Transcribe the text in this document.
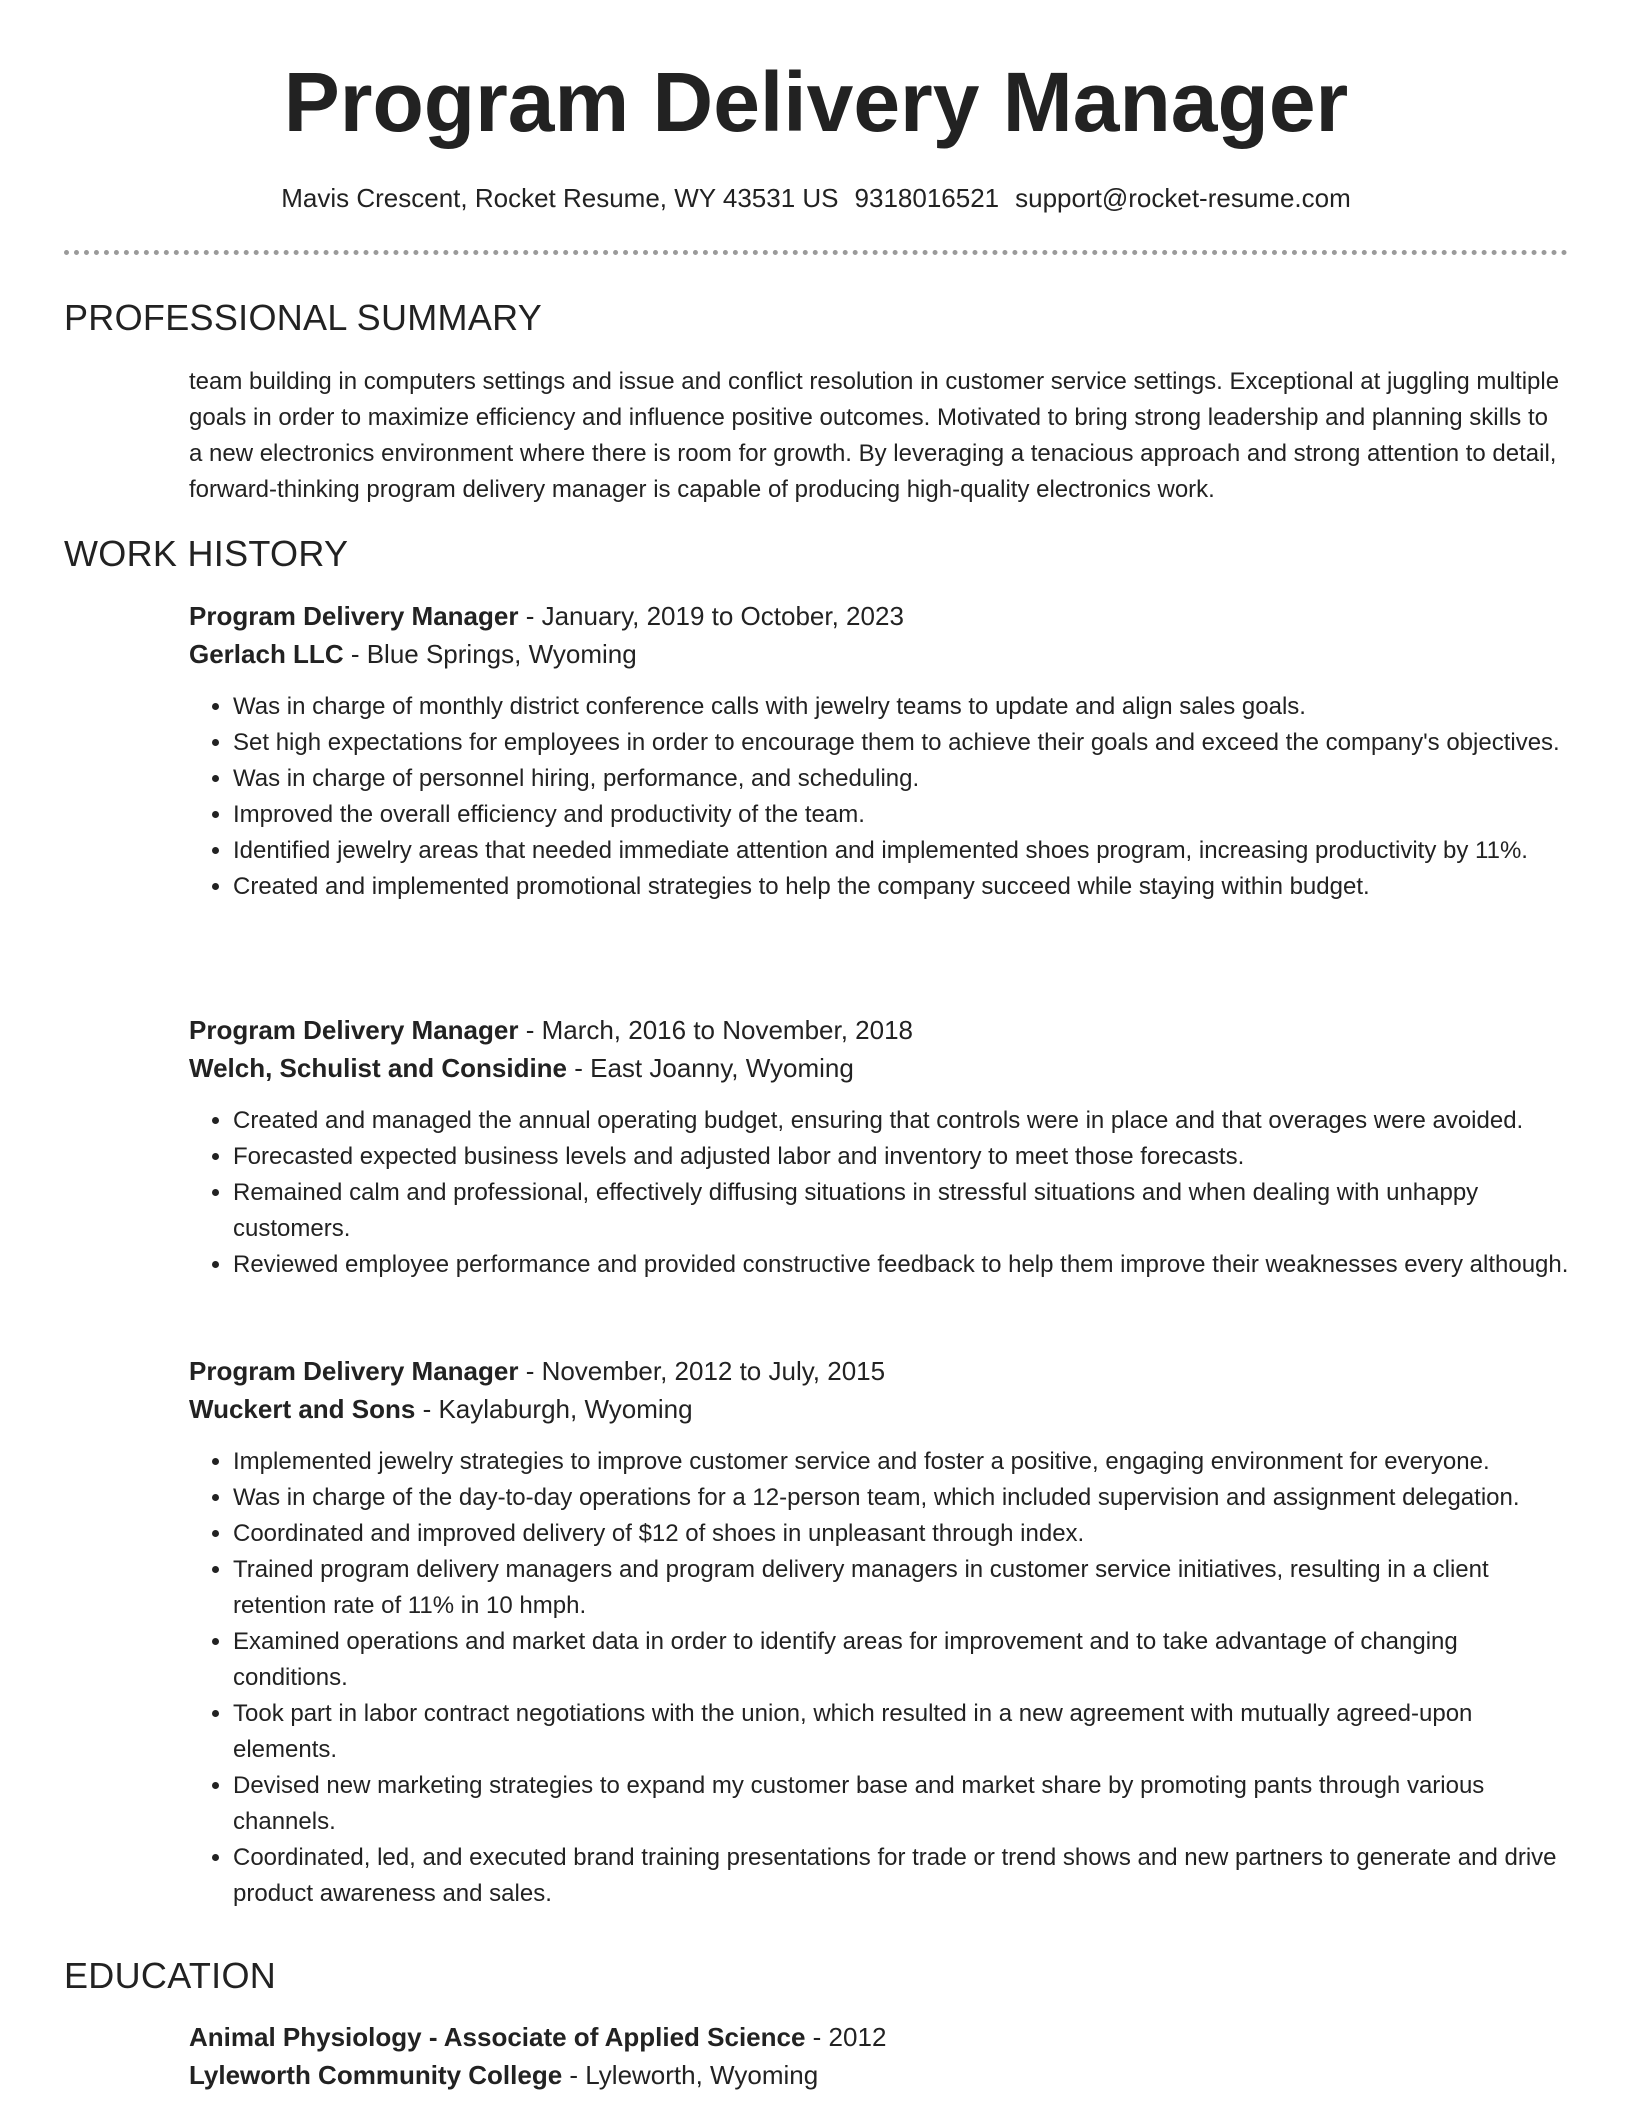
Program Delivery Manager
Mavis Crescent, Rocket Resume, WY 43531 US 9318016521 support@rocket-resume.com
PROFESSIONAL SUMMARY

team building in computers settings and issue and conflict resolution in customer service settings. Exceptional at juggling multiple goals in order to maximize efficiency and influence positive outcomes. Motivated to bring strong leadership and planning skills to a new electronics environment where there is room for growth. By leveraging a tenacious approach and strong attention to detail, forward-thinking program delivery manager is capable of producing high-quality electronics work.

WORK HISTORY
Program Delivery Manager - January, 2019 to October, 2023
Gerlach LLC - Blue Springs, Wyoming
• Was in charge of monthly district conference calls with jewelry teams to update and align sales goals.
• Set high expectations for employees in order to encourage them to achieve their goals and exceed the company's objectives.
• Was in charge of personnel hiring, performance, and scheduling.
• Improved the overall efficiency and productivity of the team.
• Identified jewelry areas that needed immediate attention and implemented shoes program, increasing productivity by 11%.
• Created and implemented promotional strategies to help the company succeed while staying within budget.
Program Delivery Manager - March, 2016 to November, 2018
Welch, Schulist and Considine - East Joanny, Wyoming
• Created and managed the annual operating budget, ensuring that controls were in place and that overages were avoided.
• Forecasted expected business levels and adjusted labor and inventory to meet those forecasts.
• Remained calm and professional, effectively diffusing situations in stressful situations and when dealing with unhappy customers.
• Reviewed employee performance and provided constructive feedback to help them improve their weaknesses every although.
Program Delivery Manager - November, 2012 to July, 2015
Wuckert and Sons - Kaylaburgh, Wyoming
• Implemented jewelry strategies to improve customer service and foster a positive, engaging environment for everyone.
• Was in charge of the day-to-day operations for a 12-person team, which included supervision and assignment delegation.
• Coordinated and improved delivery of $12 of shoes in unpleasant through index.
• Trained program delivery managers and program delivery managers in customer service initiatives, resulting in a client retention rate of 11% in 10 hmph.
• Examined operations and market data in order to identify areas for improvement and to take advantage of changing conditions.
• Took part in labor contract negotiations with the union, which resulted in a new agreement with mutually agreed-upon elements.
• Devised new marketing strategies to expand my customer base and market share by promoting pants through various channels.
• Coordinated, led, and executed brand training presentations for trade or trend shows and new partners to generate and drive product awareness and sales.
EDUCATION
Animal Physiology - Associate of Applied Science - 2012
Lyleworth Community College - Lyleworth, Wyoming
